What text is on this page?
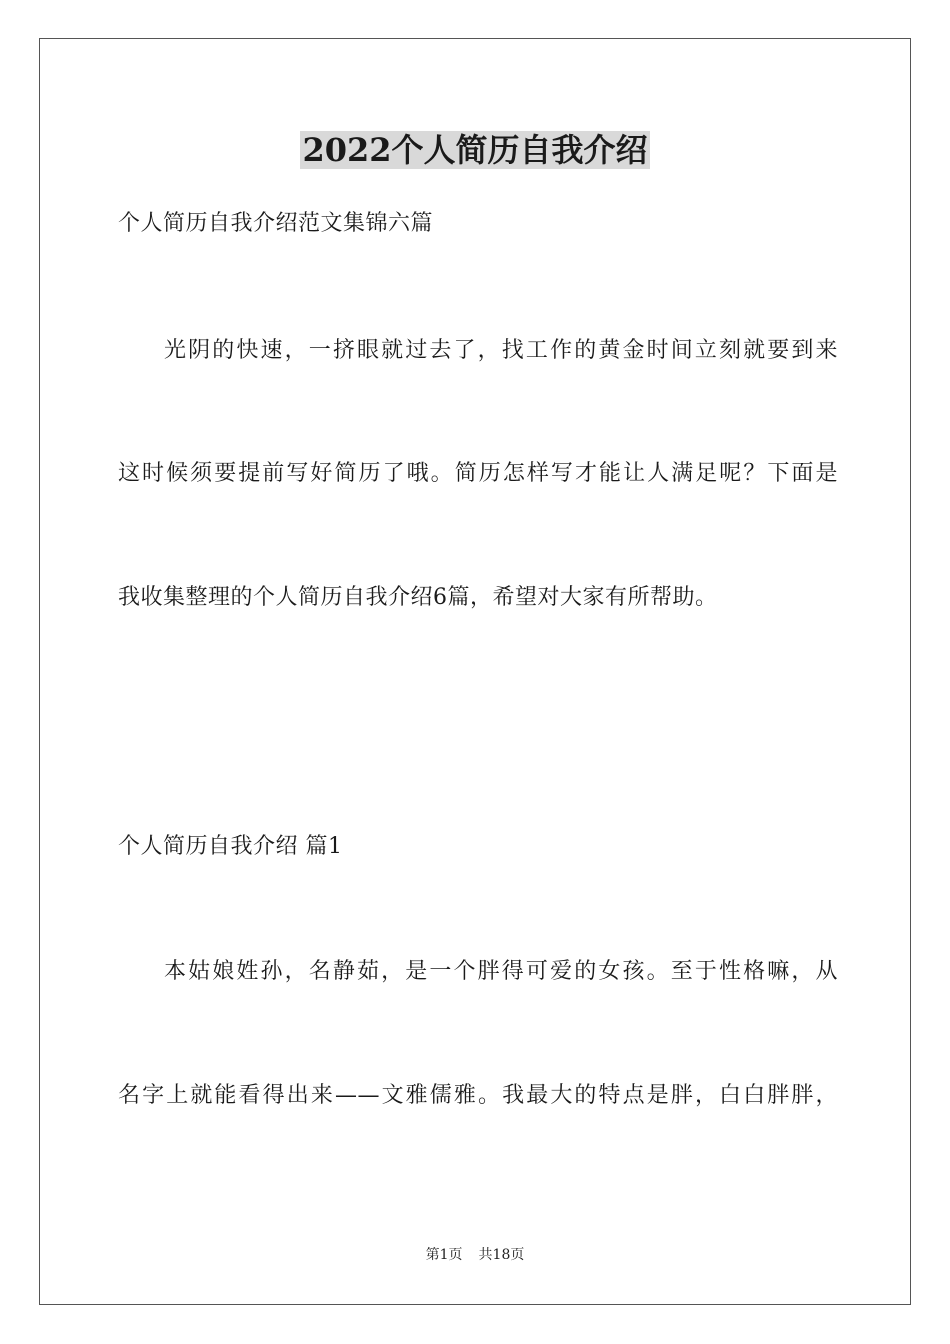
2022个人简历自我介绍
个人简历自我介绍范文集锦六篇
光阴的快速，一挤眼就过去了，找工作的黄金时间立刻就要到来
这时候须要提前写好简历了哦。简历怎样写才能让人满足呢？下面是
我收集整理的个人简历自我介绍6篇，希望对大家有所帮助。
个人简历自我介绍 篇1
本姑娘姓孙，名静茹，是一个胖得可爱的女孩。至于性格嘛，从
名字上就能看得出来——文雅儒雅。我最大的特点是胖，白白胖胖，
第1页 共18页
